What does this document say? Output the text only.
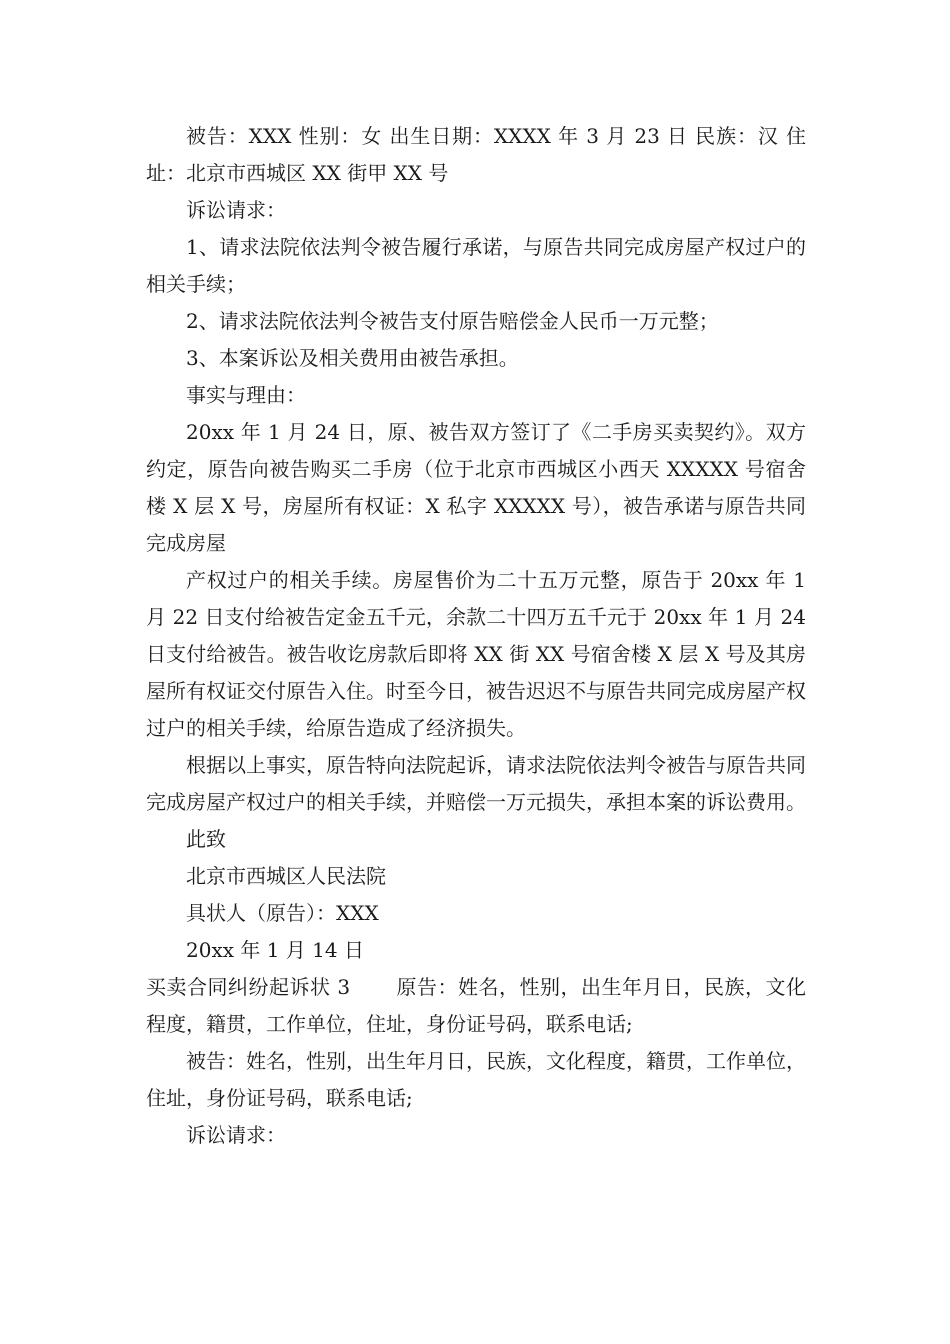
被告：XXX 性别：女 出生日期：XXXX 年 3 月 23 日 民族：汉 住址：北京市西城区 XX 街甲 XX 号

诉讼请求：

1、请求法院依法判令被告履行承诺，与原告共同完成房屋产权过户的相关手续；

2、请求法院依法判令被告支付原告赔偿金人民币一万元整；

3、本案诉讼及相关费用由被告承担。

事实与理由：

20xx 年 1 月 24 日，原、被告双方签订了《二手房买卖契约》。双方约定，原告向被告购买二手房（位于北京市西城区小西天 XXXXX 号宿舍楼 X 层 X 号，房屋所有权证：X 私字 XXXXX 号），被告承诺与原告共同完成房屋

产权过户的相关手续。房屋售价为二十五万元整，原告于 20xx 年 1 月 22 日支付给被告定金五千元，余款二十四万五千元于 20xx 年 1 月 24 日支付给被告。被告收讫房款后即将 XX 街 XX 号宿舍楼 X 层 X 号及其房屋所有权证交付原告入住。时至今日，被告迟迟不与原告共同完成房屋产权过户的相关手续，给原告造成了经济损失。

根据以上事实，原告特向法院起诉，请求法院依法判令被告与原告共同完成房屋产权过户的相关手续，并赔偿一万元损失，承担本案的诉讼费用。

此致

北京市西城区人民法院

具状人（原告）：XXX

20xx 年 1 月 14 日

买卖合同纠纷起诉状 3 原告：姓名，性别，出生年月日，民族，文化程度，籍贯，工作单位，住址，身份证号码，联系电话;

被告：姓名，性别，出生年月日，民族，文化程度，籍贯，工作单位，住址，身份证号码，联系电话;

诉讼请求：
